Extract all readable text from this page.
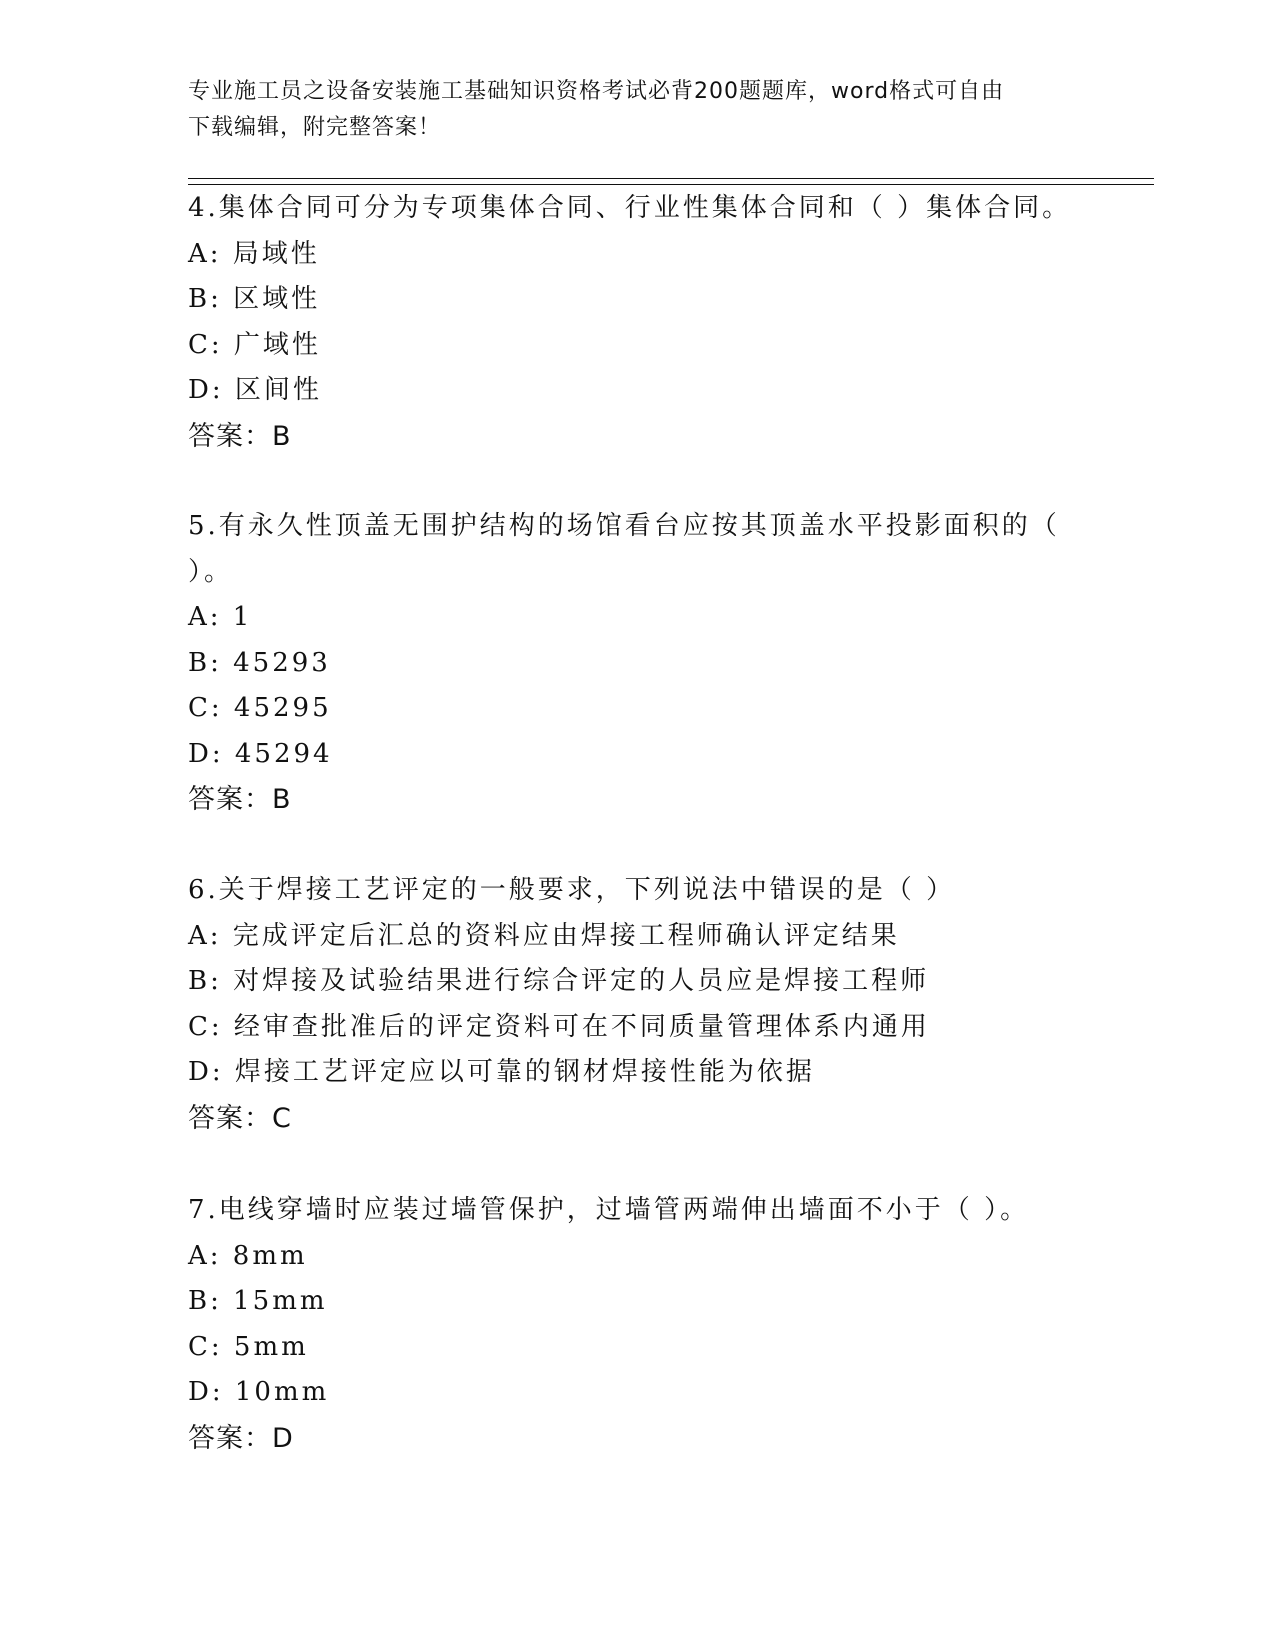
专业施工员之设备安装施工基础知识资格考试必背200题题库，word格式可自由
下载编辑，附完整答案！
4.集体合同可分为专项集体合同、行业性集体合同和（ ）集体合同。
A: 局域性
B: 区域性
C: 广域性
D: 区间性
答案：B
5.有永久性顶盖无围护结构的场馆看台应按其顶盖水平投影面积的（
）。
A: 1
B: 45293
C: 45295
D: 45294
答案：B
6.关于焊接工艺评定的一般要求，下列说法中错误的是（ ）
A: 完成评定后汇总的资料应由焊接工程师确认评定结果
B: 对焊接及试验结果进行综合评定的人员应是焊接工程师
C: 经审查批准后的评定资料可在不同质量管理体系内通用
D: 焊接工艺评定应以可靠的钢材焊接性能为依据
答案：C
7.电线穿墙时应装过墙管保护，过墙管两端伸出墙面不小于（ ）。
A: 8mm
B: 15mm
C: 5mm
D: 10mm
答案：D
